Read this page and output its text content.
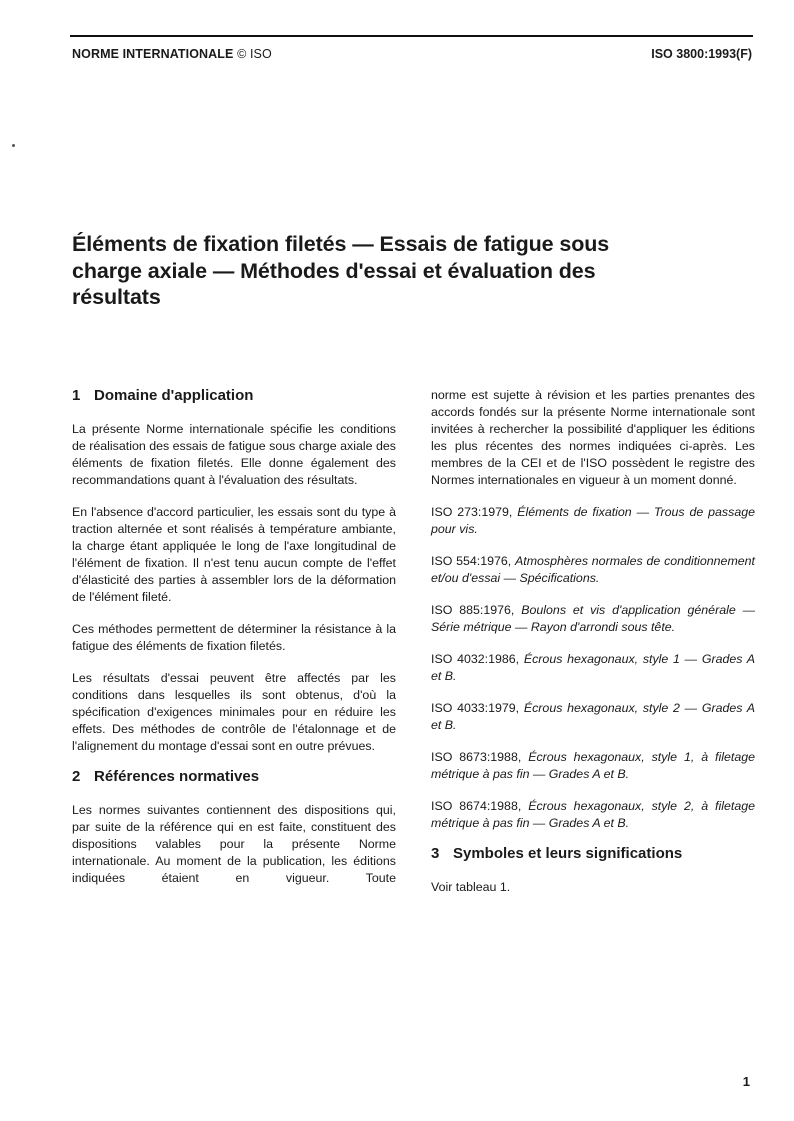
NORME INTERNATIONALE © ISO	ISO 3800:1993(F)
Éléments de fixation filetés — Essais de fatigue sous
charge axiale — Méthodes d'essai et évaluation des
résultats
1 Domaine d'application

La présente Norme internationale spécifie les conditions de réalisation des essais de fatigue sous charge axiale des éléments de fixation filetés. Elle donne également des recommandations quant à l'évaluation des résultats.

En l'absence d'accord particulier, les essais sont du type à traction alternée et sont réalisés à température ambiante, la charge étant appliquée le long de l'axe longitudinal de l'élément de fixation. Il n'est tenu aucun compte de l'effet d'élasticité des parties à assembler lors de la déformation de l'élément fileté.

Ces méthodes permettent de déterminer la résistance à la fatigue des éléments de fixation filetés.

Les résultats d'essai peuvent être affectés par les conditions dans lesquelles ils sont obtenus, d'où la spécification d'exigences minimales pour en réduire les effets. Des méthodes de contrôle de l'étalonnage et de l'alignement du montage d'essai sont en outre prévues.

2 Références normatives

Les normes suivantes contiennent des dispositions qui, par suite de la référence qui en est faite, constituent des dispositions valables pour la présente Norme internationale. Au moment de la publication, les éditions indiquées étaient en vigueur. Toute

norme est sujette à révision et les parties prenantes des accords fondés sur la présente Norme internationale sont invitées à rechercher la possibilité d'appliquer les éditions les plus récentes des normes indiquées ci-après. Les membres de la CEI et de l'ISO possèdent le registre des Normes internationales en vigueur à un moment donné.

ISO 273:1979, Éléments de fixation — Trous de passage pour vis.

ISO 554:1976, Atmosphères normales de conditionnement et/ou d'essai — Spécifications.

ISO 885:1976, Boulons et vis d'application générale — Série métrique — Rayon d'arrondi sous tête.

ISO 4032:1986, Écrous hexagonaux, style 1 — Grades A et B.

ISO 4033:1979, Écrous hexagonaux, style 2 — Grades A et B.

ISO 8673:1988, Écrous hexagonaux, style 1, à filetage métrique à pas fin — Grades A et B.

ISO 8674:1988, Écrous hexagonaux, style 2, à filetage métrique à pas fin — Grades A et B.

3 Symboles et leurs significations

Voir tableau 1.

1
